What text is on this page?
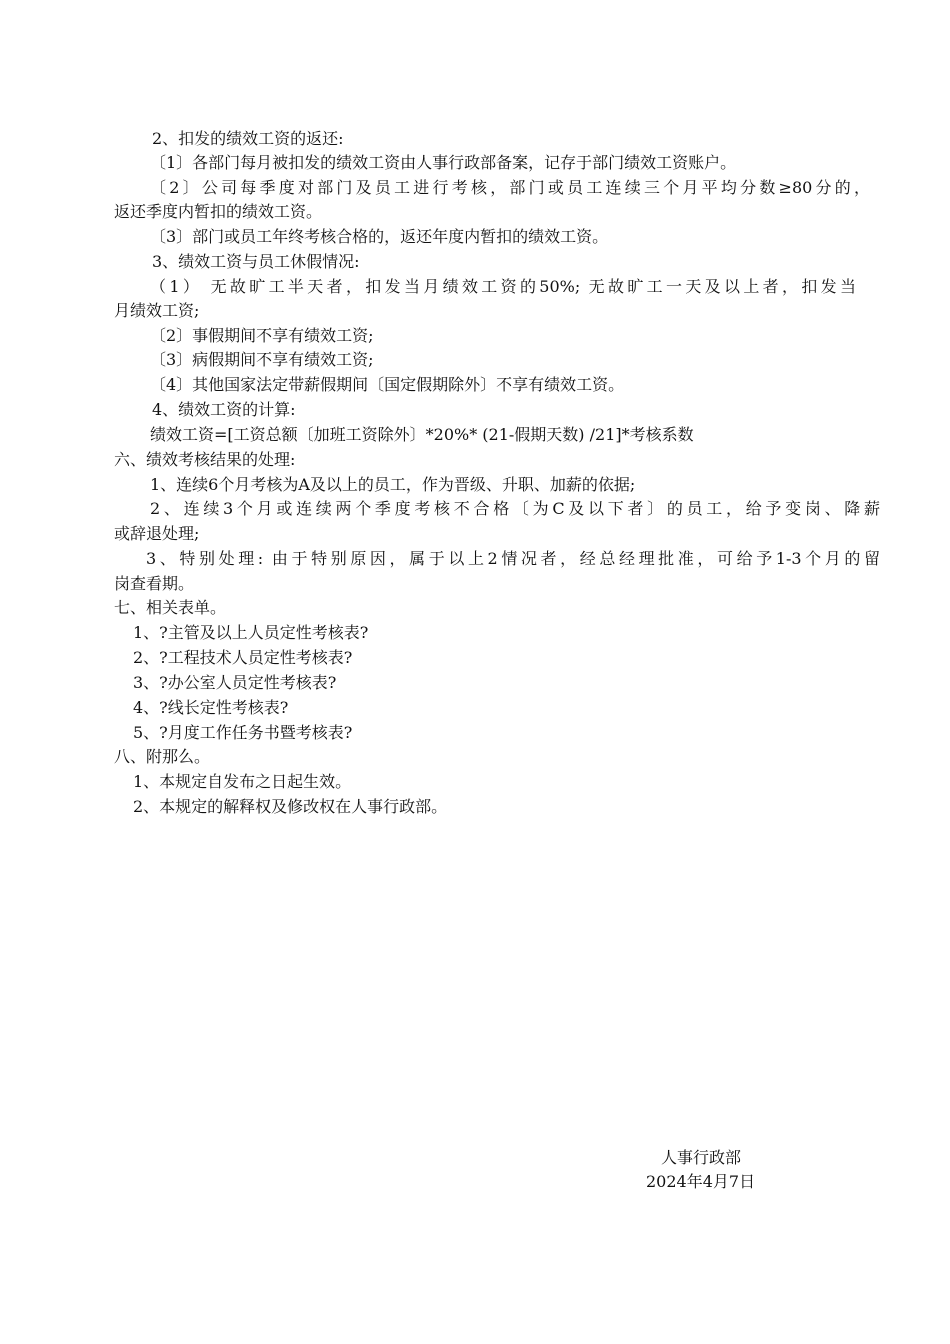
2、扣发的绩效工资的返还:

〔1〕各部门每月被扣发的绩效工资由人事行政部备案，记存于部门绩效工资账户。

〔2〕公司每季度对部门及员工进行考核，部门或员工连续三个月平均分数≥80分的，

返还季度内暂扣的绩效工资。

〔3〕部门或员工年终考核合格的，返还年度内暂扣的绩效工资。

3、绩效工资与员工休假情况:

（1） 无故旷工半天者，扣发当月绩效工资的50%; 无故旷工一天及以上者，扣发当

月绩效工资;

〔2〕事假期间不享有绩效工资;

〔3〕病假期间不享有绩效工资;

〔4〕其他国家法定带薪假期间〔国定假期除外〕不享有绩效工资。

4、绩效工资的计算:

绩效工资=[工资总额〔加班工资除外〕*20%* (21-假期天数) /21]*考核系数

六、绩效考核结果的处理:

1、连续6个月考核为A及以上的员工，作为晋级、升职、加薪的依据;

2、连续3个月或连续两个季度考核不合格〔为C及以下者〕的员工，给予变岗、降薪

或辞退处理;

3、特别处理: 由于特别原因，属于以上2情况者，经总经理批准，可给予1-3个月的留

岗查看期。

七、相关表单。

1、?主管及以上人员定性考核表?

2、?工程技术人员定性考核表?

3、?办公室人员定性考核表?

4、?线长定性考核表?

5、?月度工作任务书暨考核表?

八、附那么。

1、本规定自发布之日起生效。

2、本规定的解释权及修改权在人事行政部。

人事行政部

2024年4月7日
